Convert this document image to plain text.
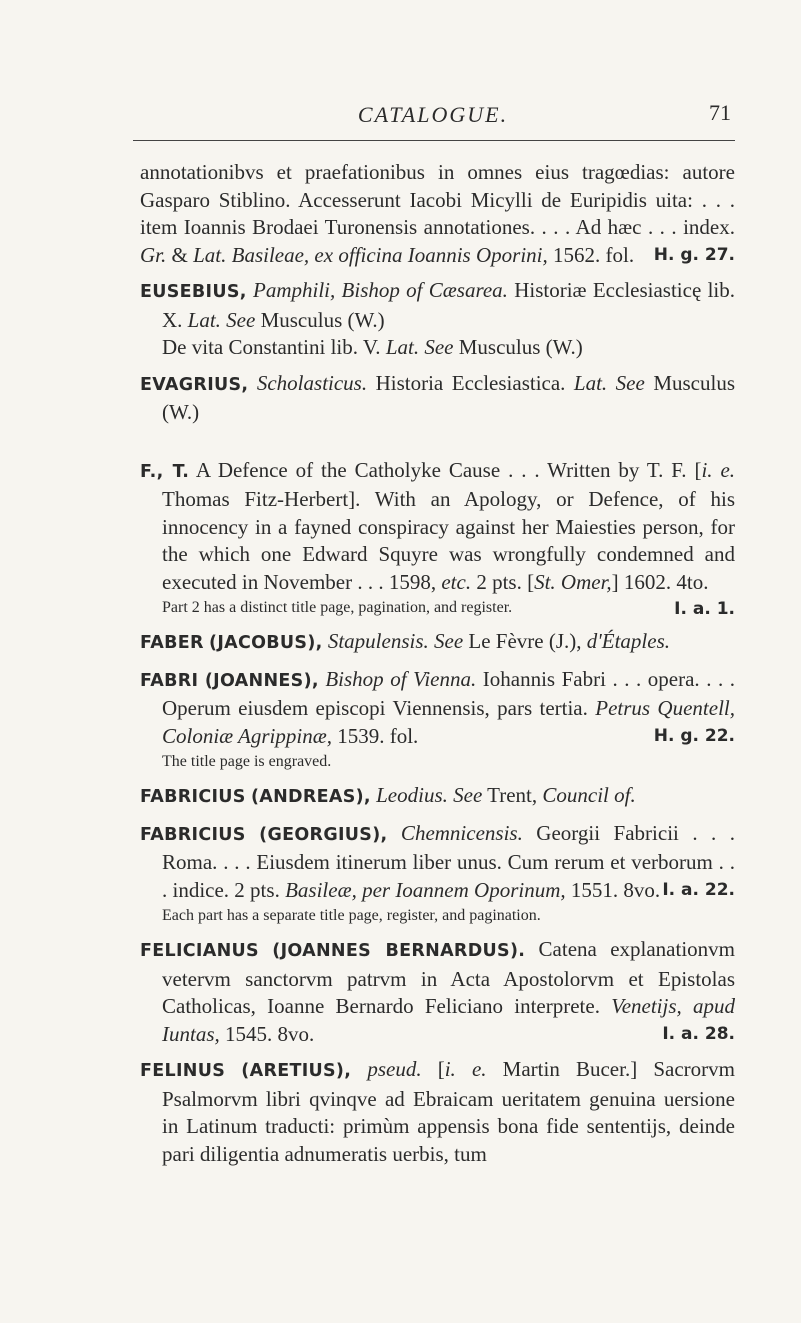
CATALOGUE.	71

annotationibvs et praefationibus in omnes eius tragœdias: autore Gasparo Stiblino. Accesserunt Iacobi Micylli de Euripidis uita: . . . item Ioannis Brodaei Turonensis annotationes. . . . Ad hæc . . . index. Gr. & Lat. Basileae, ex officina Ioannis Oporini, 1562. fol. H. g. 27.

EUSEBIUS, Pamphili, Bishop of Cæsarea. Historiæ Ecclesiasticę lib. X. Lat. See Musculus (W.)

De vita Constantini lib. V. Lat. See Musculus (W.)

EVAGRIUS, Scholasticus. Historia Ecclesiastica. Lat. See Musculus (W.)

F., T. A Defence of the Catholyke Cause . . . Written by T. F. [i. e. Thomas Fitz-Herbert]. With an Apology, or Defence, of his innocency in a fayned conspiracy against her Maiesties person, for the which one Edward Squyre was wrongfully condemned and executed in November . . . 1598, etc. 2 pts. [St. Omer,] 1602. 4to.
I. a. 1.

Part 2 has a distinct title page, pagination, and register.

FABER (JACOBUS), Stapulensis. See Le Fèvre (J.), d'Étaples.

FABRI (JOANNES), Bishop of Vienna. Iohannis Fabri . . . opera. . . . Operum eiusdem episcopi Viennensis, pars tertia. Petrus Quentell, Coloniæ Agrippinæ, 1539. fol.	H. g. 22.

The title page is engraved.

FABRICIUS (ANDREAS), Leodius. See Trent, Council of.

FABRICIUS (GEORGIUS), Chemnicensis. Georgii Fabricii . . . Roma. . . . Eiusdem itinerum liber unus. Cum rerum et verborum . . . indice. 2 pts. Basileæ, per Ioannem Oporinum, 1551. 8vo. I. a. 22.

Each part has a separate title page, register, and pagination.

FELICIANUS (JOANNES BERNARDUS). Catena explanationvm vetervm sanctorvm patrvm in Acta Apostolorvm et Epistolas Catholicas, Ioanne Bernardo Feliciano interprete. Venetijs, apud Iuntas, 1545. 8vo.	I. a. 28.

FELINUS (ARETIUS), pseud. [i. e. Martin Bucer.] Sacrorvm Psalmorvm libri qvinqve ad Ebraicam ueritatem genuina uersione in Latinum traducti: primùm appensis bona fide sententijs, deinde pari diligentia adnumeratis uerbis, tum
